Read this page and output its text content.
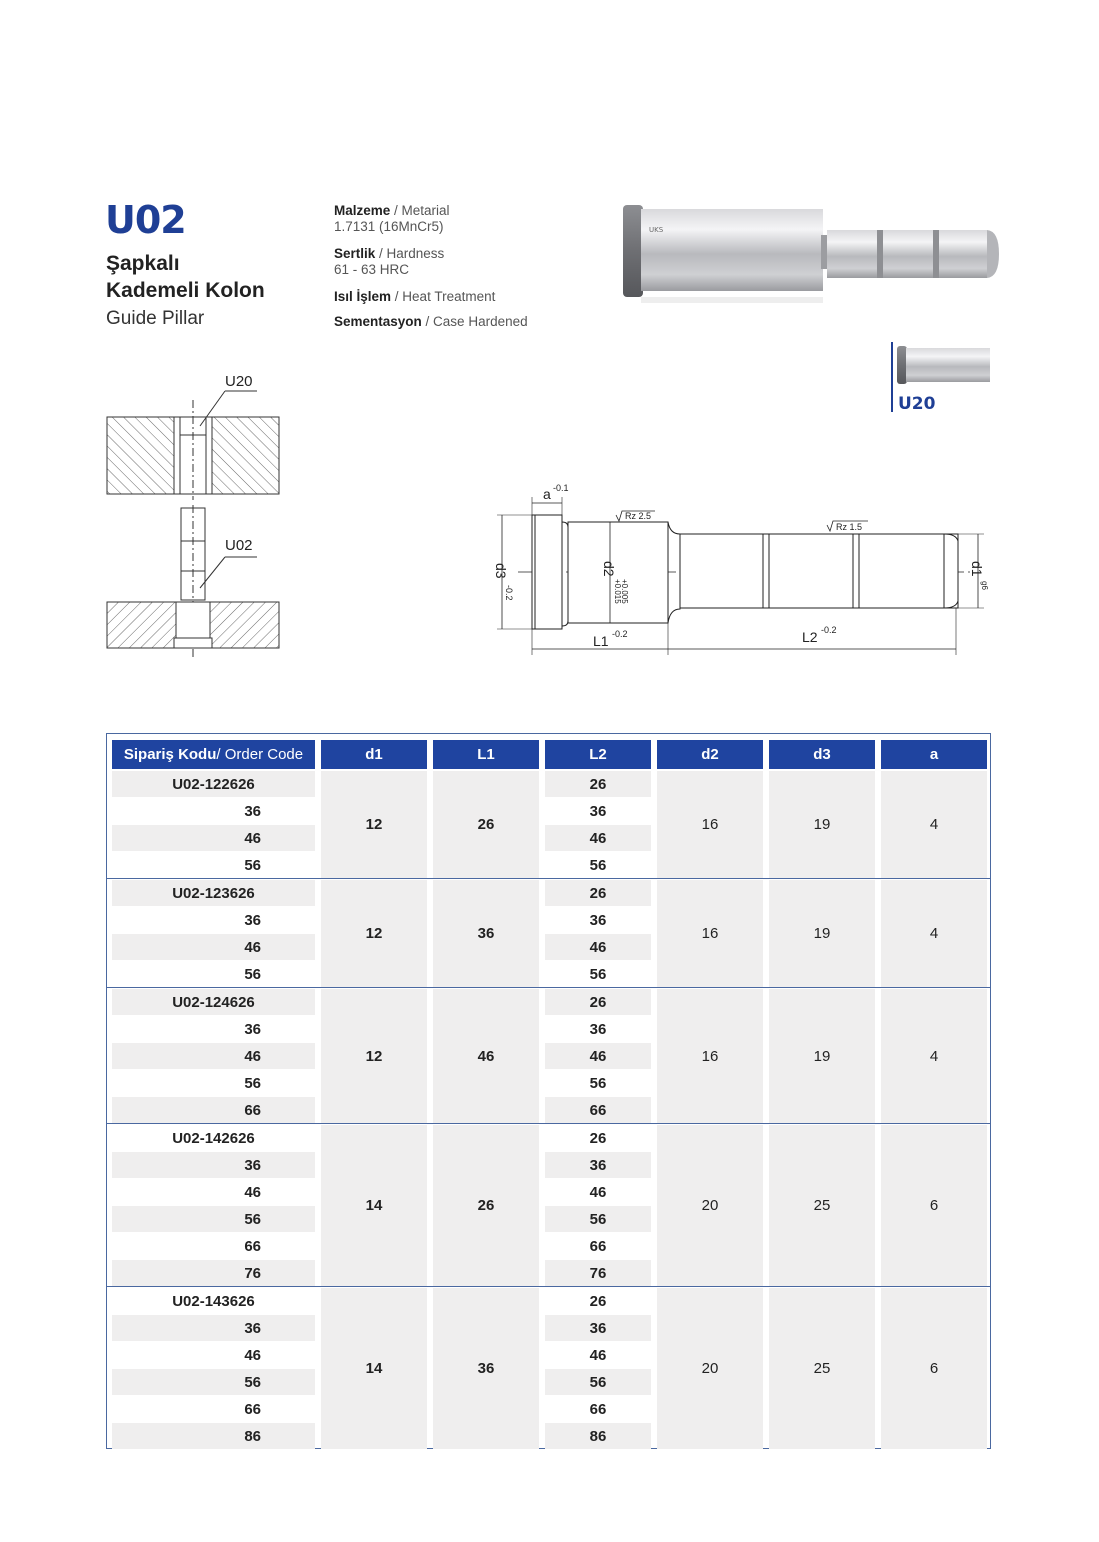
U02
Şapkalı
Kademeli Kolon
Guide Pillar
Malzeme / Metarial
1.7131 (16MnCr5)
Sertlik / Hardness
61 - 63 HRC
Isıl İşlem / Heat Treatment
Sementasyon / Case Hardened
UKS
U20
U20
U02
d3
-0.2
a -0.1
Rz 2.5
d2
+0.015
+0.005
Rz 1.5
d1
g6
L1 -0.2	L2 -0.2
Sipariş Kodu / Order Code	d1	L1	L2	d2	d3	a
U02-122626	26
36	36
46	46
56	56
12	26	16	19	4
U02-123626	26
36	36
46	46
56	56
12	36	16	19	4
U02-124626	26
36	36
46	46
56	56
66	66
12	46	16	19	4
U02-142626	26
36	36
46	46
56	56
66	66
76	76
14	26	20	25	6
U02-143626	26
36	36
46	46
56	56
66	66
86	86
14	36	20	25	6
